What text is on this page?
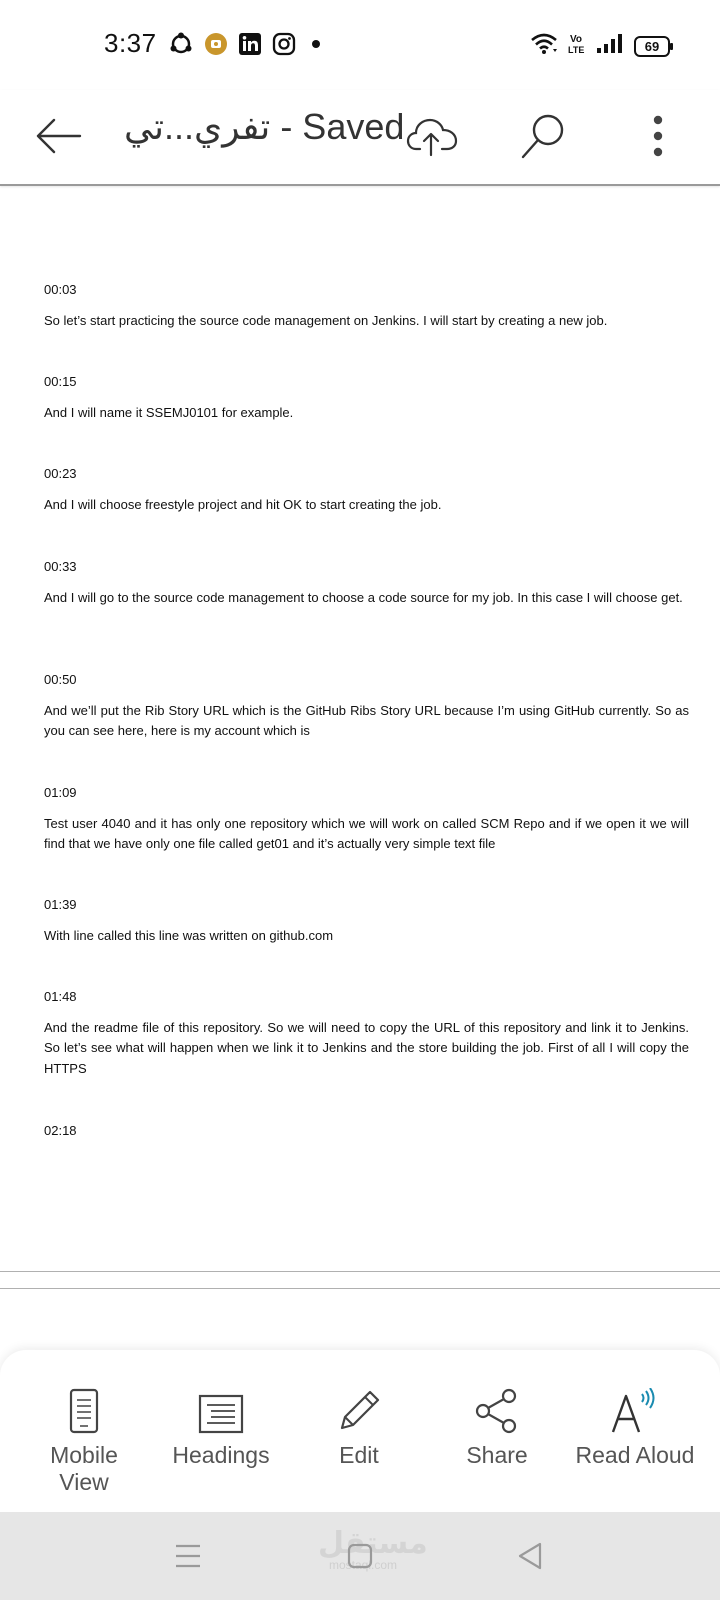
3:37	Vo
LTE	69
تفري...تي - Saved
00:03
So let’s start practicing the source code management on Jenkins. I will start by creating a new job.
00:15
And I will name it SSEMJ0101 for example.
00:23
And I will choose freestyle project and hit OK to start creating the job.
00:33
And I will go to the source code management to choose a code source for my job. In this case I will choose get.
00:50
And we’ll put the Rib Story URL which is the GitHub Ribs Story URL because I’m using GitHub currently. So as you can see here, here is my account which is
01:09
Test user 4040 and it has only one repository which we will work on called SCM Repo and if we open it we will find that we have only one file called get01 and it’s actually very simple text file
01:39
With line called this line was written on github.com
01:48
And the readme file of this repository. So we will need to copy the URL of this repository and link it to Jenkins. So let’s see what will happen when we link it to Jenkins and the store building the job. First of all I will copy the HTTPS
02:18
Mobile
View
Headings	Edit	Share	Read Aloud
مستقل
mostaql.com
